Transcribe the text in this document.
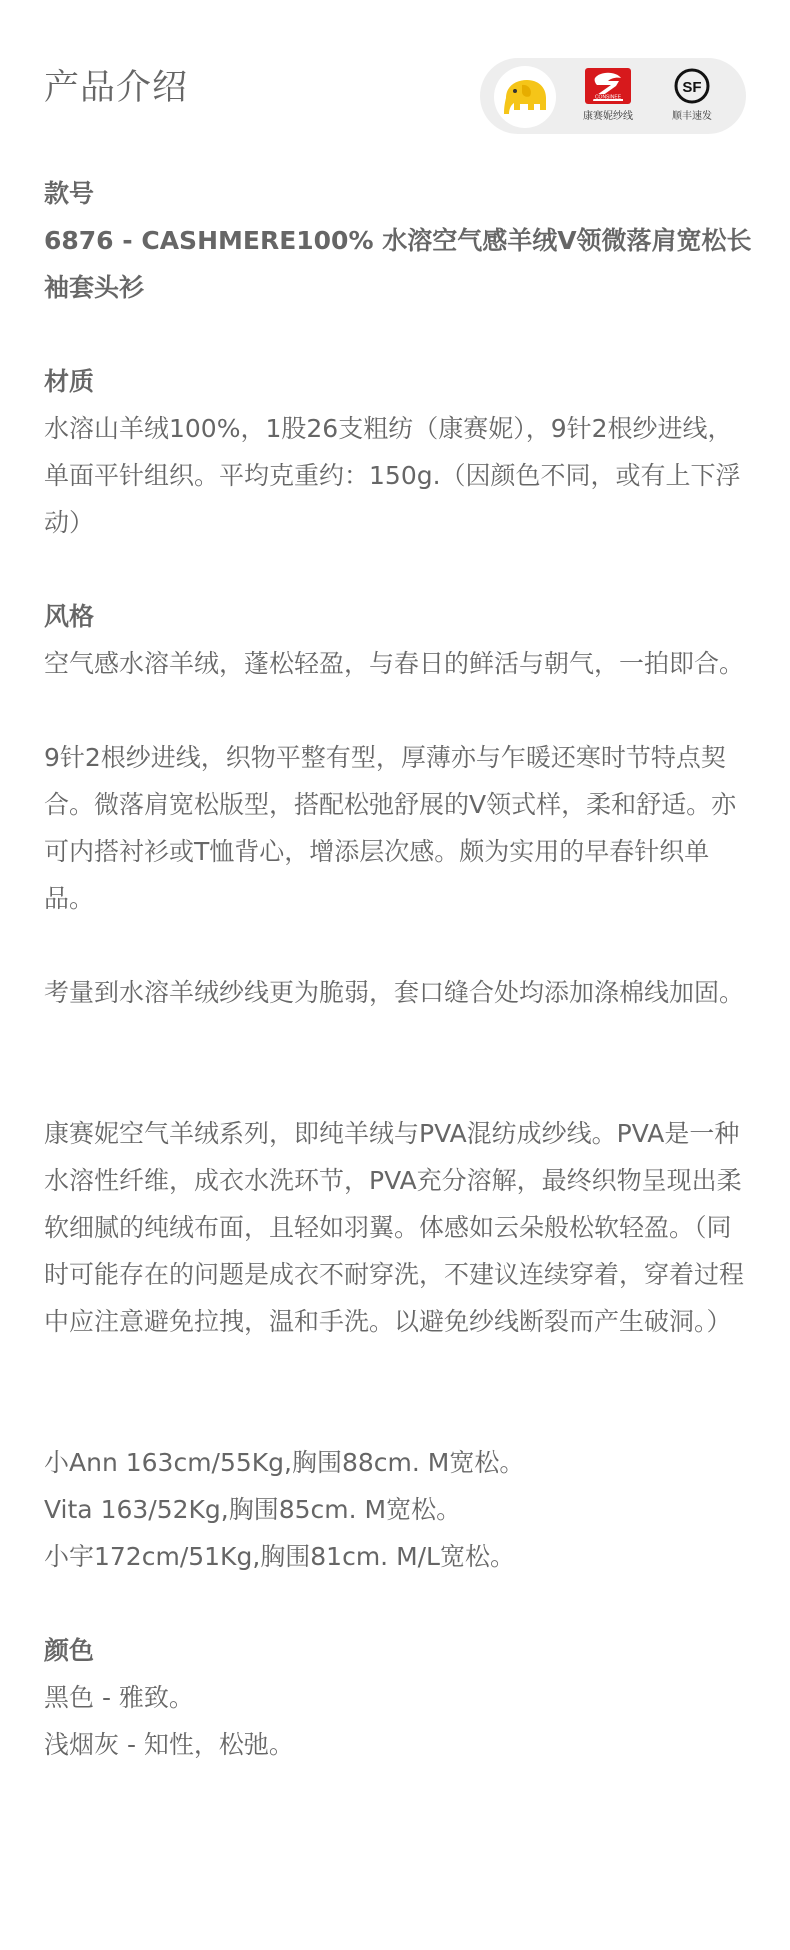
产品介绍	CONSINEE
康赛妮纱线
SF
顺丰速发
款号
6876 - CASHMERE100% 水溶空气感羊绒V领微落肩宽松长袖套头衫
材质

水溶山羊绒100%，1股26支粗纺（康赛妮），9针2根纱进线，单面平针组织。平均克重约：150g.（因颜色不同，或有上下浮动）

风格

空气感水溶羊绒，蓬松轻盈，与春日的鲜活与朝气，一拍即合。

9针2根纱进线，织物平整有型，厚薄亦与乍暖还寒时节特点契合。微落肩宽松版型，搭配松弛舒展的V领式样，柔和舒适。亦可内搭衬衫或T恤背心，增添层次感。颇为实用的早春针织单品。

考量到水溶羊绒纱线更为脆弱，套口缝合处均添加涤棉线加固。

康赛妮空气羊绒系列，即纯羊绒与PVA混纺成纱线。PVA是一种水溶性纤维，成衣水洗环节，PVA充分溶解，最终织物呈现出柔软细腻的纯绒布面，且轻如羽翼。体感如云朵般松软轻盈。（同时可能存在的问题是成衣不耐穿洗，不建议连续穿着，穿着过程中应注意避免拉拽，温和手洗。以避免纱线断裂而产生破洞。）

小Ann 163cm/55Kg,胸围88cm. M宽松。

Vita 163/52Kg,胸围85cm. M宽松。

小宇172cm/51Kg,胸围81cm. M/L宽松。

颜色

黑色 - 雅致。

浅烟灰 - 知性，松弛。
